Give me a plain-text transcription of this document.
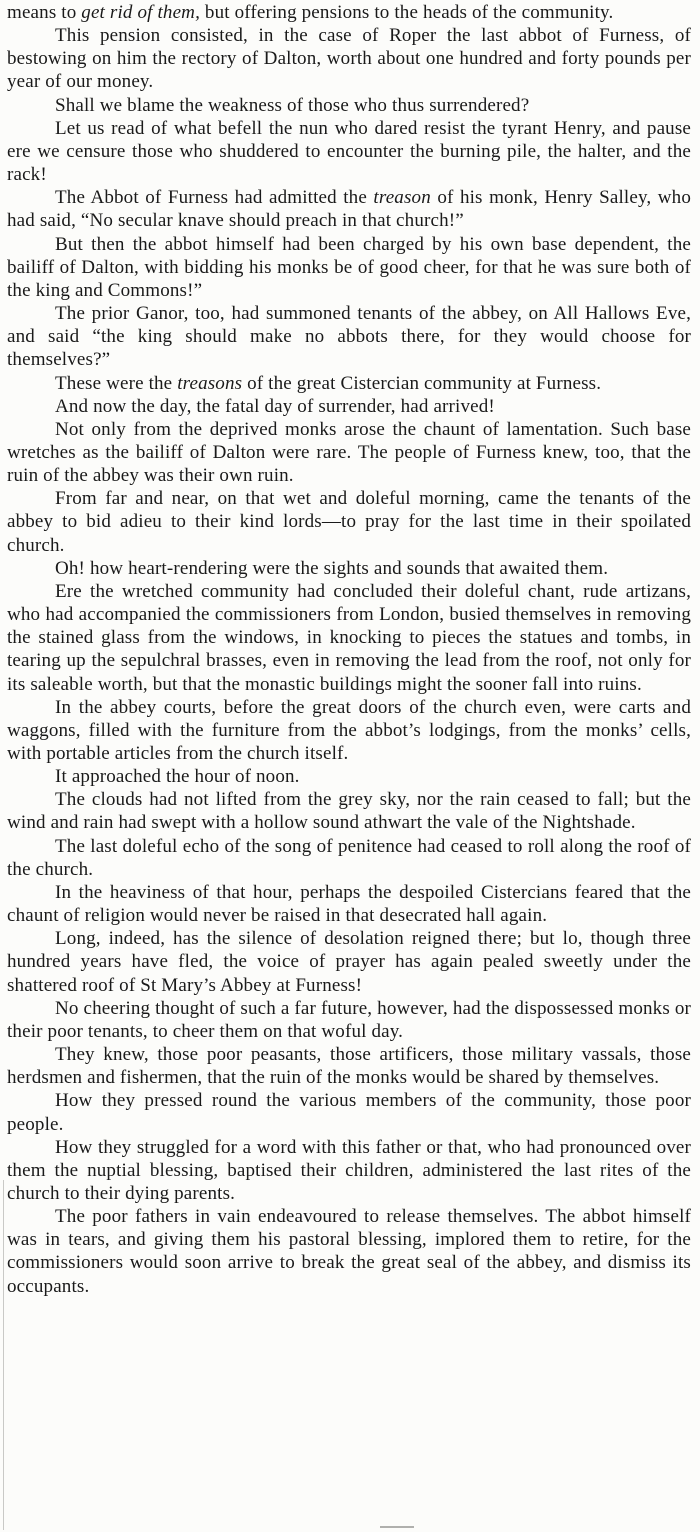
means to get rid of them, but offering pensions to the heads of the community.

This pension consisted, in the case of Roper the last abbot of Furness, of bestowing on him the rectory of Dalton, worth about one hundred and forty pounds per year of our money.

Shall we blame the weakness of those who thus surrendered?

Let us read of what befell the nun who dared resist the tyrant Henry, and pause ere we censure those who shuddered to encounter the burning pile, the halter, and the rack!

The Abbot of Furness had admitted the treason of his monk, Henry Salley, who had said, “No secular knave should preach in that church!”

But then the abbot himself had been charged by his own base dependent, the bailiff of Dalton, with bidding his monks be of good cheer, for that he was sure both of the king and Commons!”

The prior Ganor, too, had summoned tenants of the abbey, on All Hallows Eve, and said “the king should make no abbots there, for they would choose for themselves?”

These were the treasons of the great Cistercian community at Furness.

And now the day, the fatal day of surrender, had arrived!

Not only from the deprived monks arose the chaunt of lamentation. Such base wretches as the bailiff of Dalton were rare. The people of Furness knew, too, that the ruin of the abbey was their own ruin.

From far and near, on that wet and doleful morning, came the tenants of the abbey to bid adieu to their kind lords—to pray for the last time in their spoilated church.

Oh! how heart-rendering were the sights and sounds that awaited them.

Ere the wretched community had concluded their doleful chant, rude artizans, who had accompanied the commissioners from London, busied themselves in removing the stained glass from the windows, in knocking to pieces the statues and tombs, in tearing up the sepulchral brasses, even in removing the lead from the roof, not only for its saleable worth, but that the monastic buildings might the sooner fall into ruins.

In the abbey courts, before the great doors of the church even, were carts and waggons, filled with the furniture from the abbot’s lodgings, from the monks’ cells, with portable articles from the church itself.

It approached the hour of noon.

The clouds had not lifted from the grey sky, nor the rain ceased to fall; but the wind and rain had swept with a hollow sound athwart the vale of the Nightshade.

The last doleful echo of the song of penitence had ceased to roll along the roof of the church.

In the heaviness of that hour, perhaps the despoiled Cistercians feared that the chaunt of religion would never be raised in that desecrated hall again.

Long, indeed, has the silence of desolation reigned there; but lo, though three hundred years have fled, the voice of prayer has again pealed sweetly under the shattered roof of St Mary’s Abbey at Furness!

No cheering thought of such a far future, however, had the dispossessed monks or their poor tenants, to cheer them on that woful day.

They knew, those poor peasants, those artificers, those military vassals, those herdsmen and fishermen, that the ruin of the monks would be shared by themselves.

How they pressed round the various members of the community, those poor people.

How they struggled for a word with this father or that, who had pronounced over them the nuptial blessing, baptised their children, administered the last rites of the church to their dying parents.

The poor fathers in vain endeavoured to release themselves. The abbot himself was in tears, and giving them his pastoral blessing, implored them to retire, for the commissioners would soon arrive to break the great seal of the abbey, and dismiss its occupants.
